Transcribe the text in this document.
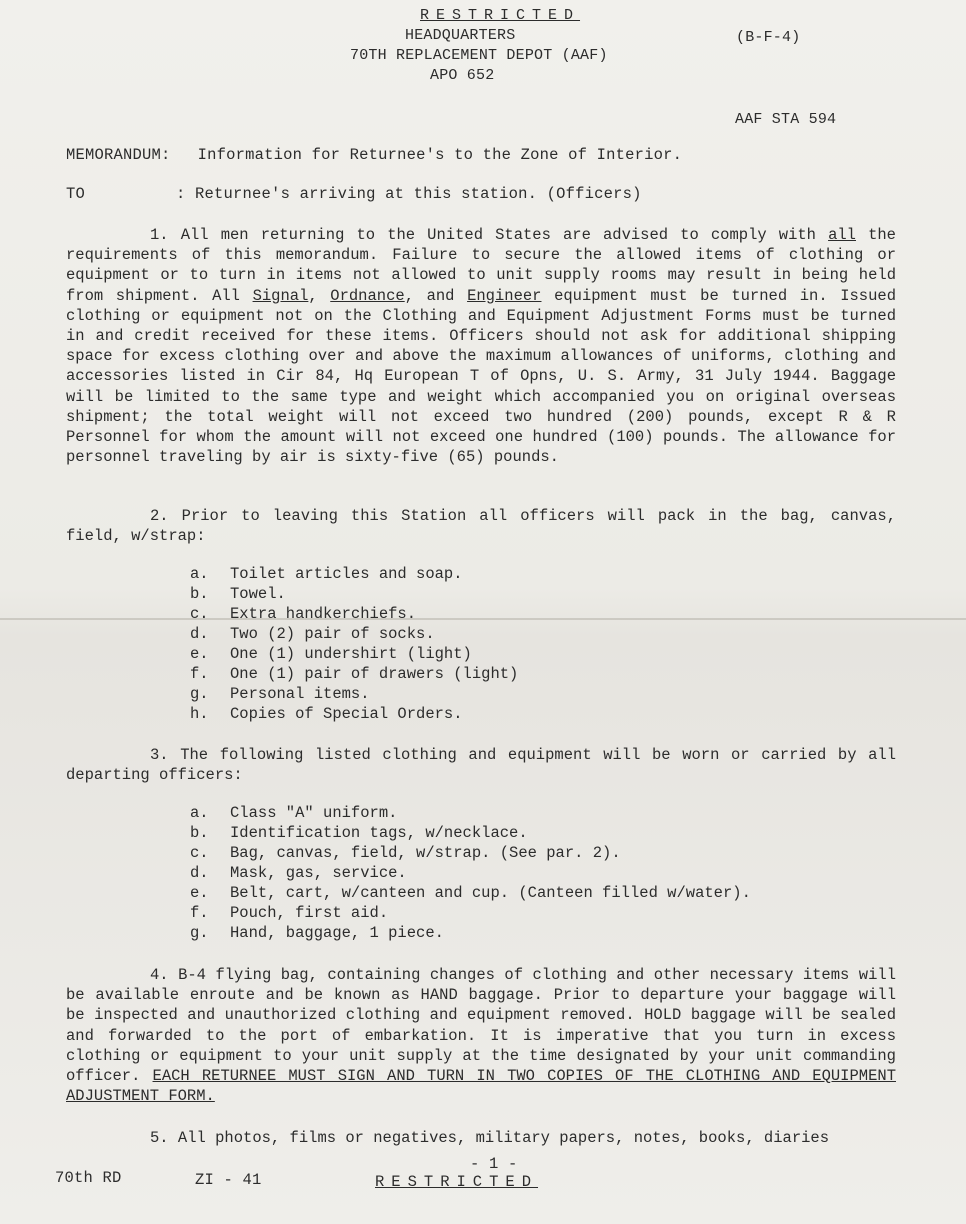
RESTRICTED
HEADQUARTERS
70TH REPLACEMENT DEPOT (AAF)
APO 652
(B-F-4)
AAF STA 594
MEMORANDUM: Information for Returnee's to the Zone of Interior.
TO	: Returnee's arriving at this station. (Officers)
1. All men returning to the United States are advised to comply with all the requirements of this memorandum. Failure to secure the allowed items of clothing or equipment or to turn in items not allowed to unit supply rooms may result in being held from shipment. All Signal, Ordnance, and Engineer equipment must be turned in. Issued clothing or equipment not on the Clothing and Equipment Adjustment Forms must be turned in and credit received for these items. Officers should not ask for additional shipping space for excess clothing over and above the maximum allowances of uniforms, clothing and accessories listed in Cir 84, Hq European T of Opns, U. S. Army, 31 July 1944. Baggage will be limited to the same type and weight which accompanied you on original overseas shipment; the total weight will not exceed two hundred (200) pounds, except R & R Personnel for whom the amount will not exceed one hundred (100) pounds. The allowance for personnel traveling by air is sixty-five (65) pounds.
2. Prior to leaving this Station all officers will pack in the bag, canvas, field, w/strap:
a.	Toilet articles and soap.
b.	Towel.
c.	Extra handkerchiefs.
d.	Two (2) pair of socks.
e.	One (1) undershirt (light)
f.	One (1) pair of drawers (light)
g.	Personal items.
h.	Copies of Special Orders.
3. The following listed clothing and equipment will be worn or carried by all departing officers:
a.	Class "A" uniform.
b.	Identification tags, w/necklace.
c.	Bag, canvas, field, w/strap. (See par. 2).
d.	Mask, gas, service.
e.	Belt, cart, w/canteen and cup. (Canteen filled w/water).
f.	Pouch, first aid.
g.	Hand, baggage, 1 piece.
4. B-4 flying bag, containing changes of clothing and other necessary items will be available enroute and be known as HAND baggage. Prior to departure your baggage will be inspected and unauthorized clothing and equipment removed. HOLD baggage will be sealed and forwarded to the port of embarkation. It is imperative that you turn in excess clothing or equipment to your unit supply at the time designated by your unit commanding officer. EACH RETURNEE MUST SIGN AND TURN IN TWO COPIES OF THE CLOTHING AND EQUIPMENT ADJUSTMENT FORM.
5. All photos, films or negatives, military papers, notes, books, diaries
- 1 -
70th RD	ZI - 41	RESTRICTED
